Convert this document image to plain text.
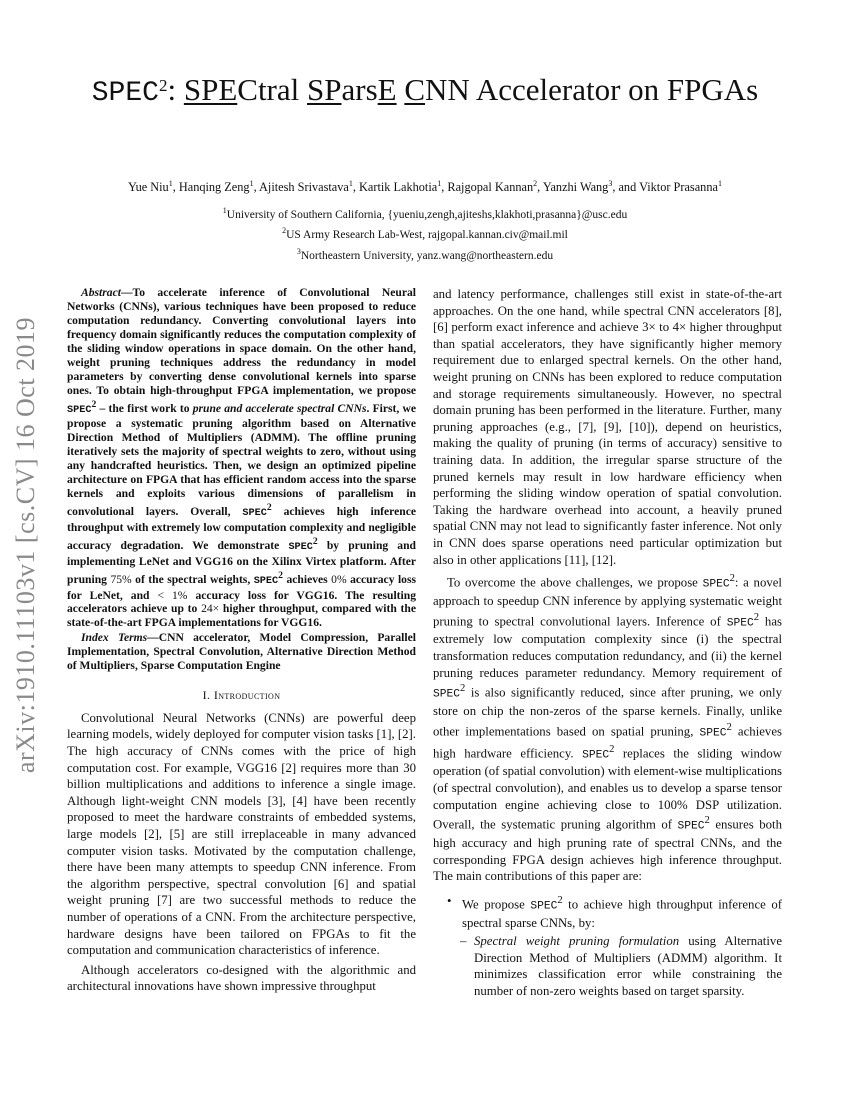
arXiv:1910.11103v1 [cs.CV] 16 Oct 2019
SPEC$^2$: SPECtral SParsE CNN Accelerator on FPGAs
Yue Niu$^1$, Hanqing Zeng$^1$, Ajitesh Srivastava$^1$, Kartik Lakhotia$^1$, Rajgopal Kannan$^2$, Yanzhi Wang$^3$, and Viktor Prasanna$^1$
$^1$University of Southern California, {yueniu,zengh,ajiteshs,klakhoti,prasanna}@usc.edu
$^2$US Army Research Lab-West, rajgopal.kannan.civ@mail.mil
$^3$Northeastern University, yanz.wang@northeastern.edu

Abstract—To accelerate inference of Convolutional Neural Networks (CNNs), various techniques have been proposed to reduce computation redundancy. Converting convolutional layers into frequency domain significantly reduces the computation complexity of the sliding window operations in space domain. On the other hand, weight pruning techniques address the redundancy in model parameters by converting dense convolutional kernels into sparse ones. To obtain high-throughput FPGA implementation, we propose SPEC$^2$ – the first work to prune and accelerate spectral CNNs. First, we propose a systematic pruning algorithm based on Alternative Direction Method of Multipliers (ADMM). The offline pruning iteratively sets the majority of spectral weights to zero, without using any handcrafted heuristics. Then, we design an optimized pipeline architecture on FPGA that has efficient random access into the sparse kernels and exploits various dimensions of parallelism in convolutional layers. Overall, SPEC$^2$ achieves high inference throughput with extremely low computation complexity and negligible accuracy degradation. We demonstrate SPEC$^2$ by pruning and implementing LeNet and VGG16 on the Xilinx Virtex platform. After pruning 75% of the spectral weights, SPEC$^2$ achieves 0% accuracy loss for LeNet, and < 1% accuracy loss for VGG16. The resulting accelerators achieve up to 24× higher throughput, compared with the state-of-the-art FPGA implementations for VGG16.

Index Terms—CNN accelerator, Model Compression, Parallel Implementation, Spectral Convolution, Alternative Direction Method of Multipliers, Sparse Computation Engine

I. Introduction

Convolutional Neural Networks (CNNs) are powerful deep learning models, widely deployed for computer vision tasks [1], [2]. The high accuracy of CNNs comes with the price of high computation cost. For example, VGG16 [2] requires more than 30 billion multiplications and additions to inference a single image. Although light-weight CNN models [3], [4] have been recently proposed to meet the hardware constraints of embedded systems, large models [2], [5] are still irreplaceable in many advanced computer vision tasks. Motivated by the computation challenge, there have been many attempts to speedup CNN inference. From the algorithm perspective, spectral convolution [6] and spatial weight pruning [7] are two successful methods to reduce the number of operations of a CNN. From the architecture perspective, hardware designs have been tailored on FPGAs to fit the computation and communication characteristics of inference.

Although accelerators co-designed with the algorithmic and architectural innovations have shown impressive throughput

and latency performance, challenges still exist in state-of-the-art approaches. On the one hand, while spectral CNN accelerators [8], [6] perform exact inference and achieve 3× to 4× higher throughput than spatial accelerators, they have significantly higher memory requirement due to enlarged spectral kernels. On the other hand, weight pruning on CNNs has been explored to reduce computation and storage requirements simultaneously. However, no spectral domain pruning has been performed in the literature. Further, many pruning approaches (e.g., [7], [9], [10]), depend on heuristics, making the quality of pruning (in terms of accuracy) sensitive to training data. In addition, the irregular sparse structure of the pruned kernels may result in low hardware efficiency when performing the sliding window operation of spatial convolution. Taking the hardware overhead into account, a heavily pruned spatial CNN may not lead to significantly faster inference. Not only in CNN does sparse operations need particular optimization but also in other applications [11], [12].

To overcome the above challenges, we propose SPEC$^2$: a novel approach to speedup CNN inference by applying systematic weight pruning to spectral convolutional layers. Inference of SPEC$^2$ has extremely low computation complexity since (i) the spectral transformation reduces computation redundancy, and (ii) the kernel pruning reduces parameter redundancy. Memory requirement of SPEC$^2$ is also significantly reduced, since after pruning, we only store on chip the non-zeros of the sparse kernels. Finally, unlike other implementations based on spatial pruning, SPEC$^2$ achieves high hardware efficiency. SPEC$^2$ replaces the sliding window operation (of spatial convolution) with element-wise multiplications (of spectral convolution), and enables us to develop a sparse tensor computation engine achieving close to 100% DSP utilization. Overall, the systematic pruning algorithm of SPEC$^2$ ensures both high accuracy and high pruning rate of spectral CNNs, and the corresponding FPGA design achieves high inference throughput. The main contributions of this paper are:

• We propose SPEC$^2$ to achieve high throughput inference of spectral sparse CNNs, by:
– Spectral weight pruning formulation using Alternative Direction Method of Multipliers (ADMM) algorithm. It minimizes classification error while constraining the number of non-zero weights based on target sparsity.
